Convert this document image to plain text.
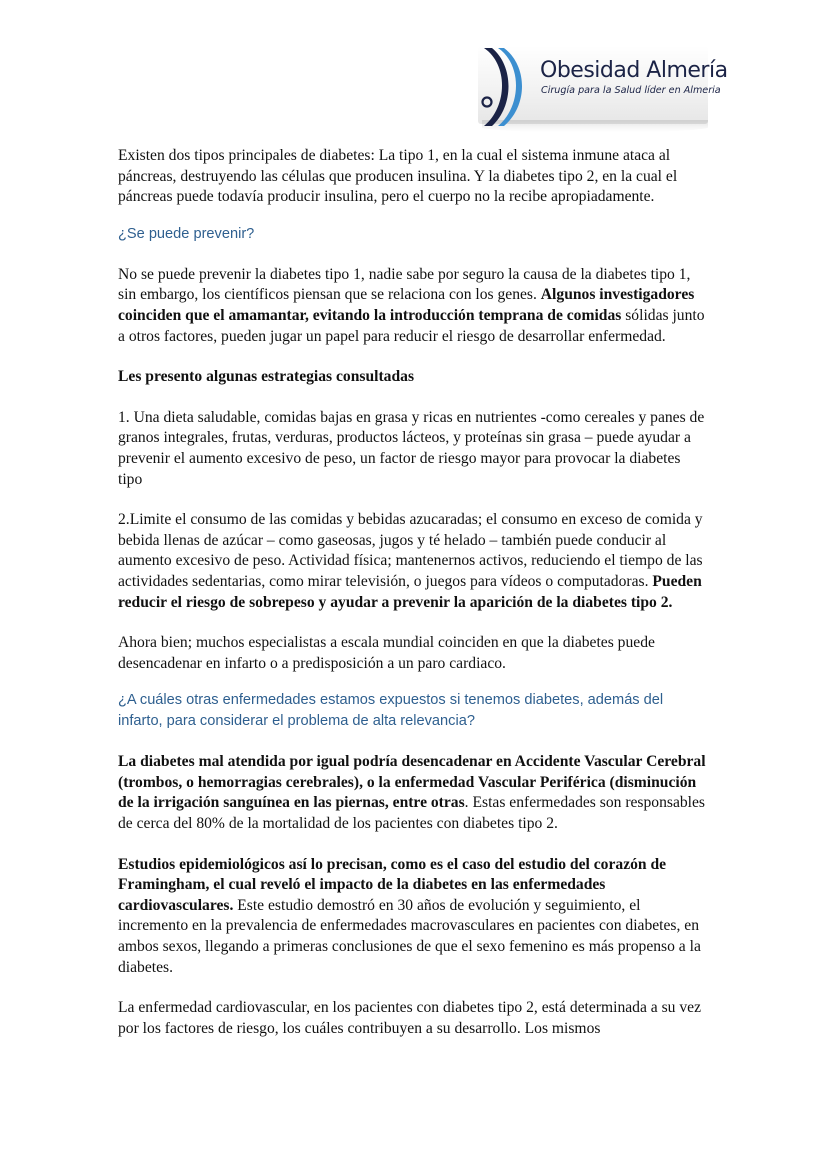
Obesidad Almería
Cirugía para la Salud líder en Almeria

Existen dos tipos principales de diabetes: La tipo 1, en la cual el sistema inmune ataca al páncreas, destruyendo las células que producen insulina. Y la diabetes tipo 2, en la cual el páncreas puede todavía producir insulina, pero el cuerpo no la recibe apropiadamente.

¿Se puede prevenir?

No se puede prevenir la diabetes tipo 1, nadie sabe por seguro la causa de la diabetes tipo 1, sin embargo, los científicos piensan que se relaciona con los genes. Algunos investigadores coinciden que el amamantar, evitando la introducción temprana de comidas sólidas junto a otros factores, pueden jugar un papel para reducir el riesgo de desarrollar enfermedad.

Les presento algunas estrategias consultadas

1. Una dieta saludable, comidas bajas en grasa y ricas en nutrientes -como cereales y panes de granos integrales, frutas, verduras, productos lácteos, y proteínas sin grasa – puede ayudar a prevenir el aumento excesivo de peso, un factor de riesgo mayor para provocar la diabetes tipo

2.Limite el consumo de las comidas y bebidas azucaradas; el consumo en exceso de comida y bebida llenas de azúcar – como gaseosas, jugos y té helado – también puede conducir al aumento excesivo de peso. Actividad física; mantenernos activos, reduciendo el tiempo de las actividades sedentarias, como mirar televisión, o juegos para vídeos o computadoras. Pueden reducir el riesgo de sobrepeso y ayudar a prevenir la aparición de la diabetes tipo 2.

Ahora bien; muchos especialistas a escala mundial coinciden en que la diabetes puede desencadenar en infarto o a predisposición a un paro cardiaco.

¿A cuáles otras enfermedades estamos expuestos si tenemos diabetes, además del infarto, para considerar el problema de alta relevancia?

La diabetes mal atendida por igual podría desencadenar en Accidente Vascular Cerebral (trombos, o hemorragias cerebrales), o la enfermedad Vascular Periférica (disminución de la irrigación sanguínea en las piernas, entre otras. Estas enfermedades son responsables de cerca del 80% de la mortalidad de los pacientes con diabetes tipo 2.

Estudios epidemiológicos así lo precisan, como es el caso del estudio del corazón de Framingham, el cual reveló el impacto de la diabetes en las enfermedades cardiovasculares. Este estudio demostró en 30 años de evolución y seguimiento, el incremento en la prevalencia de enfermedades macrovasculares en pacientes con diabetes, en ambos sexos, llegando a primeras conclusiones de que el sexo femenino es más propenso a la diabetes.

La enfermedad cardiovascular, en los pacientes con diabetes tipo 2, está determinada a su vez por los factores de riesgo, los cuáles contribuyen a su desarrollo. Los mismos
